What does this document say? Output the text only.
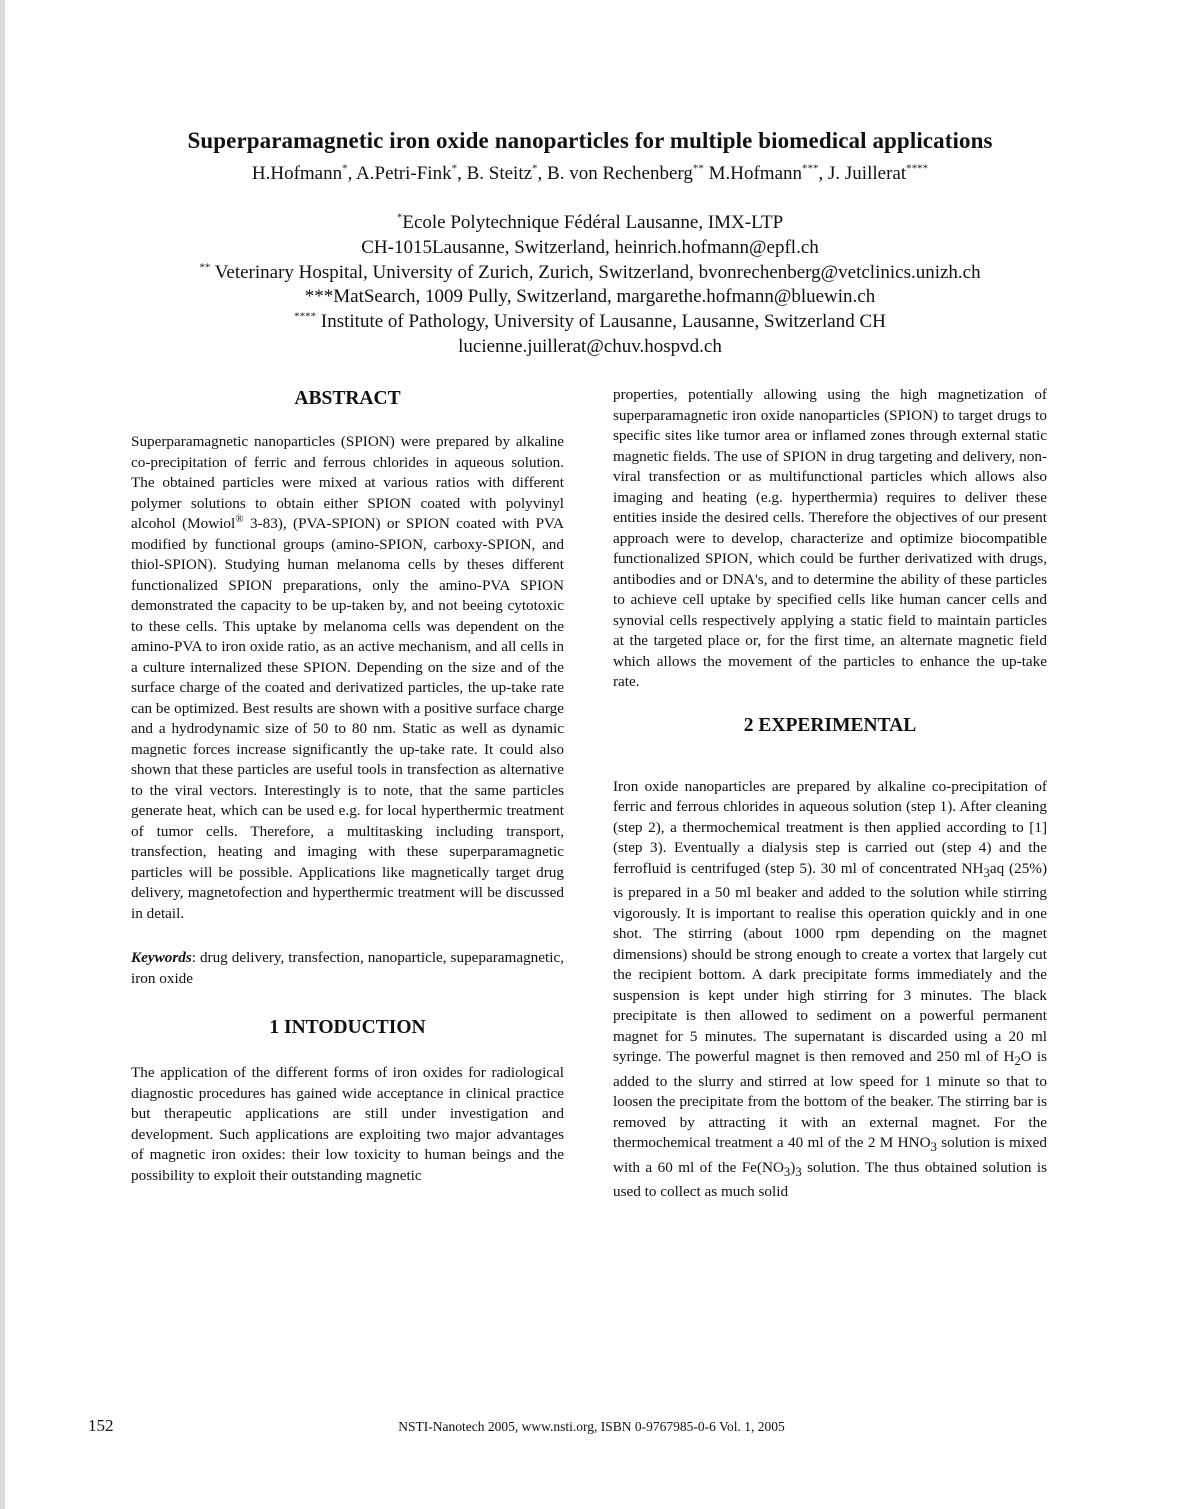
Superparamagnetic iron oxide nanoparticles for multiple biomedical applications
H.Hofmann*, A.Petri-Fink*, B. Steitz*, B. von Rechenberg** M.Hofmann***, J. Juillerat****
*Ecole Polytechnique Fédéral Lausanne, IMX-LTP
CH-1015Lausanne, Switzerland, heinrich.hofmann@epfl.ch
** Veterinary Hospital, University of Zurich, Zurich, Switzerland, bvonrechenberg@vetclinics.unizh.ch
***MatSearch, 1009 Pully, Switzerland, margarethe.hofmann@bluewin.ch
**** Institute of Pathology, University of Lausanne, Lausanne, Switzerland CH
lucienne.juillerat@chuv.hospvd.ch
ABSTRACT

Superparamagnetic nanoparticles (SPION) were prepared by alkaline co-precipitation of ferric and ferrous chlorides in aqueous solution. The obtained particles were mixed at various ratios with different polymer solutions to obtain either SPION coated with polyvinyl alcohol (Mowiol® 3-83), (PVA-SPION) or SPION coated with PVA modified by functional groups (amino-SPION, carboxy-SPION, and thiol-SPION). Studying human melanoma cells by theses different functionalized SPION preparations, only the amino-PVA SPION demonstrated the capacity to be up-taken by, and not beeing cytotoxic to these cells. This uptake by melanoma cells was dependent on the amino-PVA to iron oxide ratio, as an active mechanism, and all cells in a culture internalized these SPION. Depending on the size and of the surface charge of the coated and derivatized particles, the up-take rate can be optimized. Best results are shown with a positive surface charge and a hydrodynamic size of 50 to 80 nm. Static as well as dynamic magnetic forces increase significantly the up-take rate. It could also shown that these particles are useful tools in transfection as alternative to the viral vectors. Interestingly is to note, that the same particles generate heat, which can be used e.g. for local hyperthermic treatment of tumor cells. Therefore, a multitasking including transport, transfection, heating and imaging with these superparamagnetic particles will be possible. Applications like magnetically target drug delivery, magnetofection and hyperthermic treatment will be discussed in detail.

Keywords: drug delivery, transfection, nanoparticle, supeparamagnetic, iron oxide

1 INTODUCTION

The application of the different forms of iron oxides for radiological diagnostic procedures has gained wide acceptance in clinical practice but therapeutic applications are still under investigation and development. Such applications are exploiting two major advantages of magnetic iron oxides: their low toxicity to human beings and the possibility to exploit their outstanding magnetic

properties, potentially allowing using the high magnetization of superparamagnetic iron oxide nanoparticles (SPION) to target drugs to specific sites like tumor area or inflamed zones through external static magnetic fields. The use of SPION in drug targeting and delivery, non-viral transfection or as multifunctional particles which allows also imaging and heating (e.g. hyperthermia) requires to deliver these entities inside the desired cells. Therefore the objectives of our present approach were to develop, characterize and optimize biocompatible functionalized SPION, which could be further derivatized with drugs, antibodies and or DNA's, and to determine the ability of these particles to achieve cell uptake by specified cells like human cancer cells and synovial cells respectively applying a static field to maintain particles at the targeted place or, for the first time, an alternate magnetic field which allows the movement of the particles to enhance the up-take rate.

2 EXPERIMENTAL

Iron oxide nanoparticles are prepared by alkaline co-precipitation of ferric and ferrous chlorides in aqueous solution (step 1). After cleaning (step 2), a thermochemical treatment is then applied according to [1] (step 3). Eventually a dialysis step is carried out (step 4) and the ferrofluid is centrifuged (step 5). 30 ml of concentrated $NH_3aq$ (25%) is prepared in a 50 ml beaker and added to the solution while stirring vigorously. It is important to realise this operation quickly and in one shot. The stirring (about 1000 rpm depending on the magnet dimensions) should be strong enough to create a vortex that largely cut the recipient bottom. A dark precipitate forms immediately and the suspension is kept under high stirring for 3 minutes. The black precipitate is then allowed to sediment on a powerful permanent magnet for 5 minutes. The supernatant is discarded using a 20 ml syringe. The powerful magnet is then removed and 250 ml of $H_2O$ is added to the slurry and stirred at low speed for 1 minute so that to loosen the precipitate from the bottom of the beaker. The stirring bar is removed by attracting it with an external magnet. For the thermochemical treatment a 40 ml of the 2 M $HNO_3$ solution is mixed with a 60 ml of the $Fe(NO_3)_3$ solution. The thus obtained solution is used to collect as much solid

152	NSTI-Nanotech 2005, www.nsti.org, ISBN 0-9767985-0-6 Vol. 1, 2005
